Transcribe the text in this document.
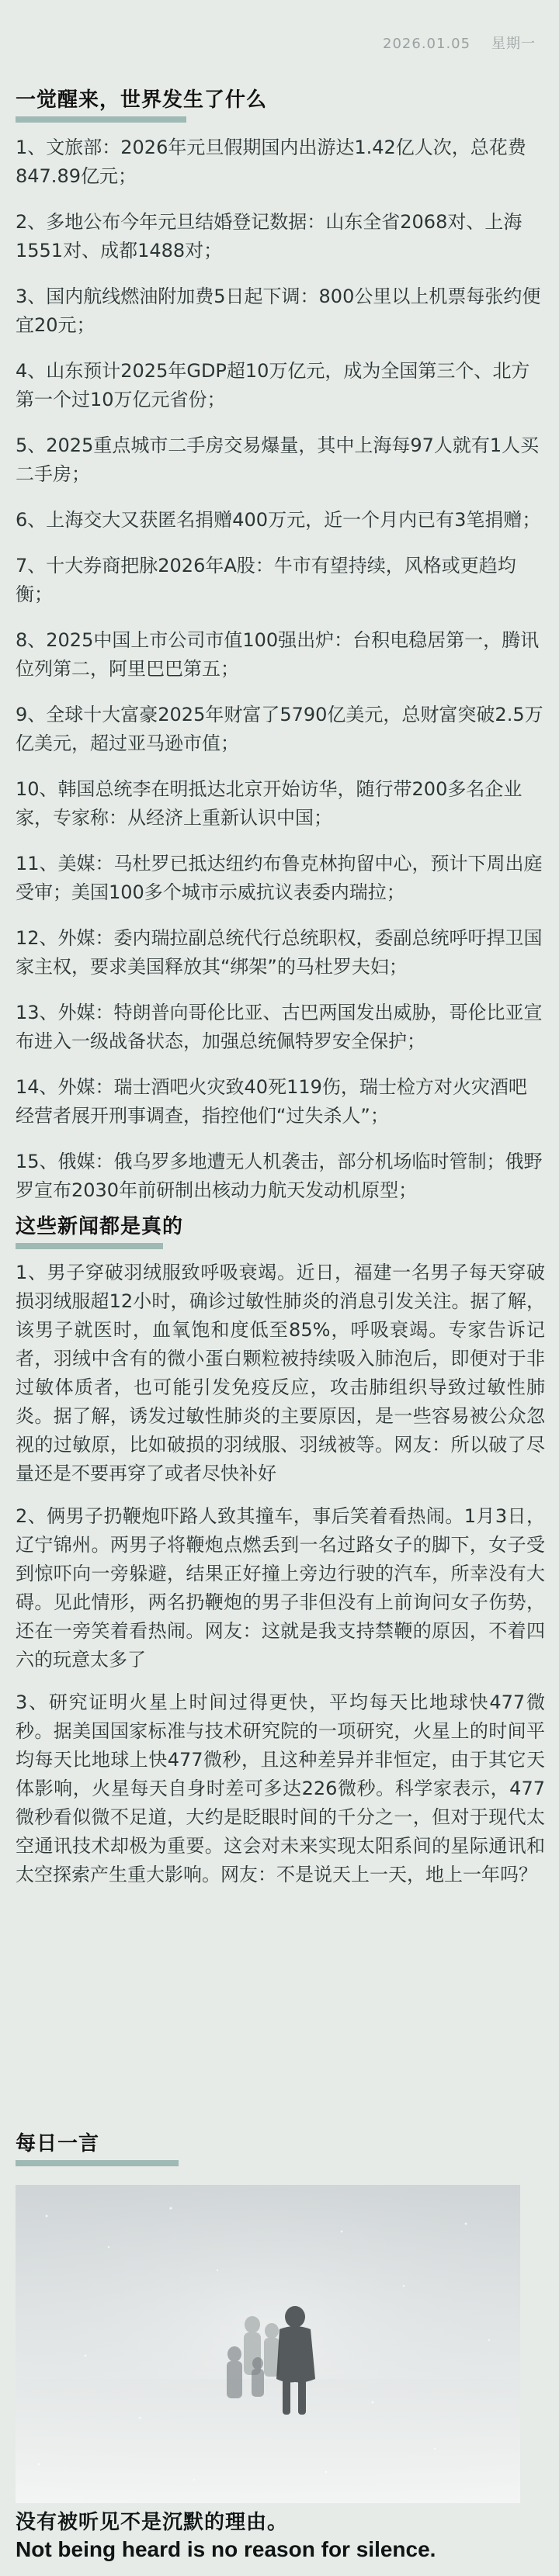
2026.01.05 星期一
一觉醒来，世界发生了什么
1、文旅部：2026年元旦假期国内出游达1.42亿人次，总花费847.89亿元；
2、多地公布今年元旦结婚登记数据：山东全省2068对、上海1551对、成都1488对；
3、国内航线燃油附加费5日起下调：800公里以上机票每张约便宜20元；
4、山东预计2025年GDP超10万亿元，成为全国第三个、北方第一个过10万亿元省份；
5、2025重点城市二手房交易爆量，其中上海每97人就有1人买二手房；
6、上海交大又获匿名捐赠400万元，近一个月内已有3笔捐赠；
7、十大券商把脉2026年A股：牛市有望持续，风格或更趋均衡；
8、2025中国上市公司市值100强出炉：台积电稳居第一，腾讯位列第二，阿里巴巴第五；
9、全球十大富豪2025年财富了5790亿美元，总财富突破2.5万亿美元，超过亚马逊市值；
10、韩国总统李在明抵达北京开始访华，随行带200多名企业家，专家称：从经济上重新认识中国；
11、美媒：马杜罗已抵达纽约布鲁克林拘留中心，预计下周出庭受审；美国100多个城市示威抗议表委内瑞拉；
12、外媒：委内瑞拉副总统代行总统职权，委副总统呼吁捍卫国家主权，要求美国释放其“绑架”的马杜罗夫妇；
13、外媒：特朗普向哥伦比亚、古巴两国发出威胁，哥伦比亚宣布进入一级战备状态，加强总统佩特罗安全保护；
14、外媒：瑞士酒吧火灾致40死119伤，瑞士检方对火灾酒吧经营者展开刑事调查，指控他们“过失杀人”；
15、俄媒：俄乌罗多地遭无人机袭击，部分机场临时管制；俄野罗宣布2030年前研制出核动力航天发动机原型；
这些新闻都是真的
1、男子穿破羽绒服致呼吸衰竭。近日，福建一名男子每天穿破损羽绒服超12小时，确诊过敏性肺炎的消息引发关注。据了解，该男子就医时，血氧饱和度低至85%，呼吸衰竭。专家告诉记者，羽绒中含有的微小蛋白颗粒被持续吸入肺泡后，即便对于非过敏体质者，也可能引发免疫反应，攻击肺组织导致过敏性肺炎。据了解，诱发过敏性肺炎的主要原因，是一些容易被公众忽视的过敏原，比如破损的羽绒服、羽绒被等。网友：所以破了尽量还是不要再穿了或者尽快补好
2、俩男子扔鞭炮吓路人致其撞车，事后笑着看热闹。1月3日，辽宁锦州。两男子将鞭炮点燃丢到一名过路女子的脚下，女子受到惊吓向一旁躲避，结果正好撞上旁边行驶的汽车，所幸没有大碍。见此情形，两名扔鞭炮的男子非但没有上前询问女子伤势，还在一旁笑着看热闹。网友：这就是我支持禁鞭的原因，不着四六的玩意太多了
3、研究证明火星上时间过得更快，平均每天比地球快477微秒。据美国国家标准与技术研究院的一项研究，火星上的时间平均每天比地球上快477微秒，且这种差异并非恒定，由于其它天体影响，火星每天自身时差可多达226微秒。科学家表示，477微秒看似微不足道，大约是眨眼时间的千分之一，但对于现代太空通讯技术却极为重要。这会对未来实现太阳系间的星际通讯和太空探索产生重大影响。网友：不是说天上一天，地上一年吗？
每日一言
没有被听见不是沉默的理由。
Not being heard is no reason for silence.
